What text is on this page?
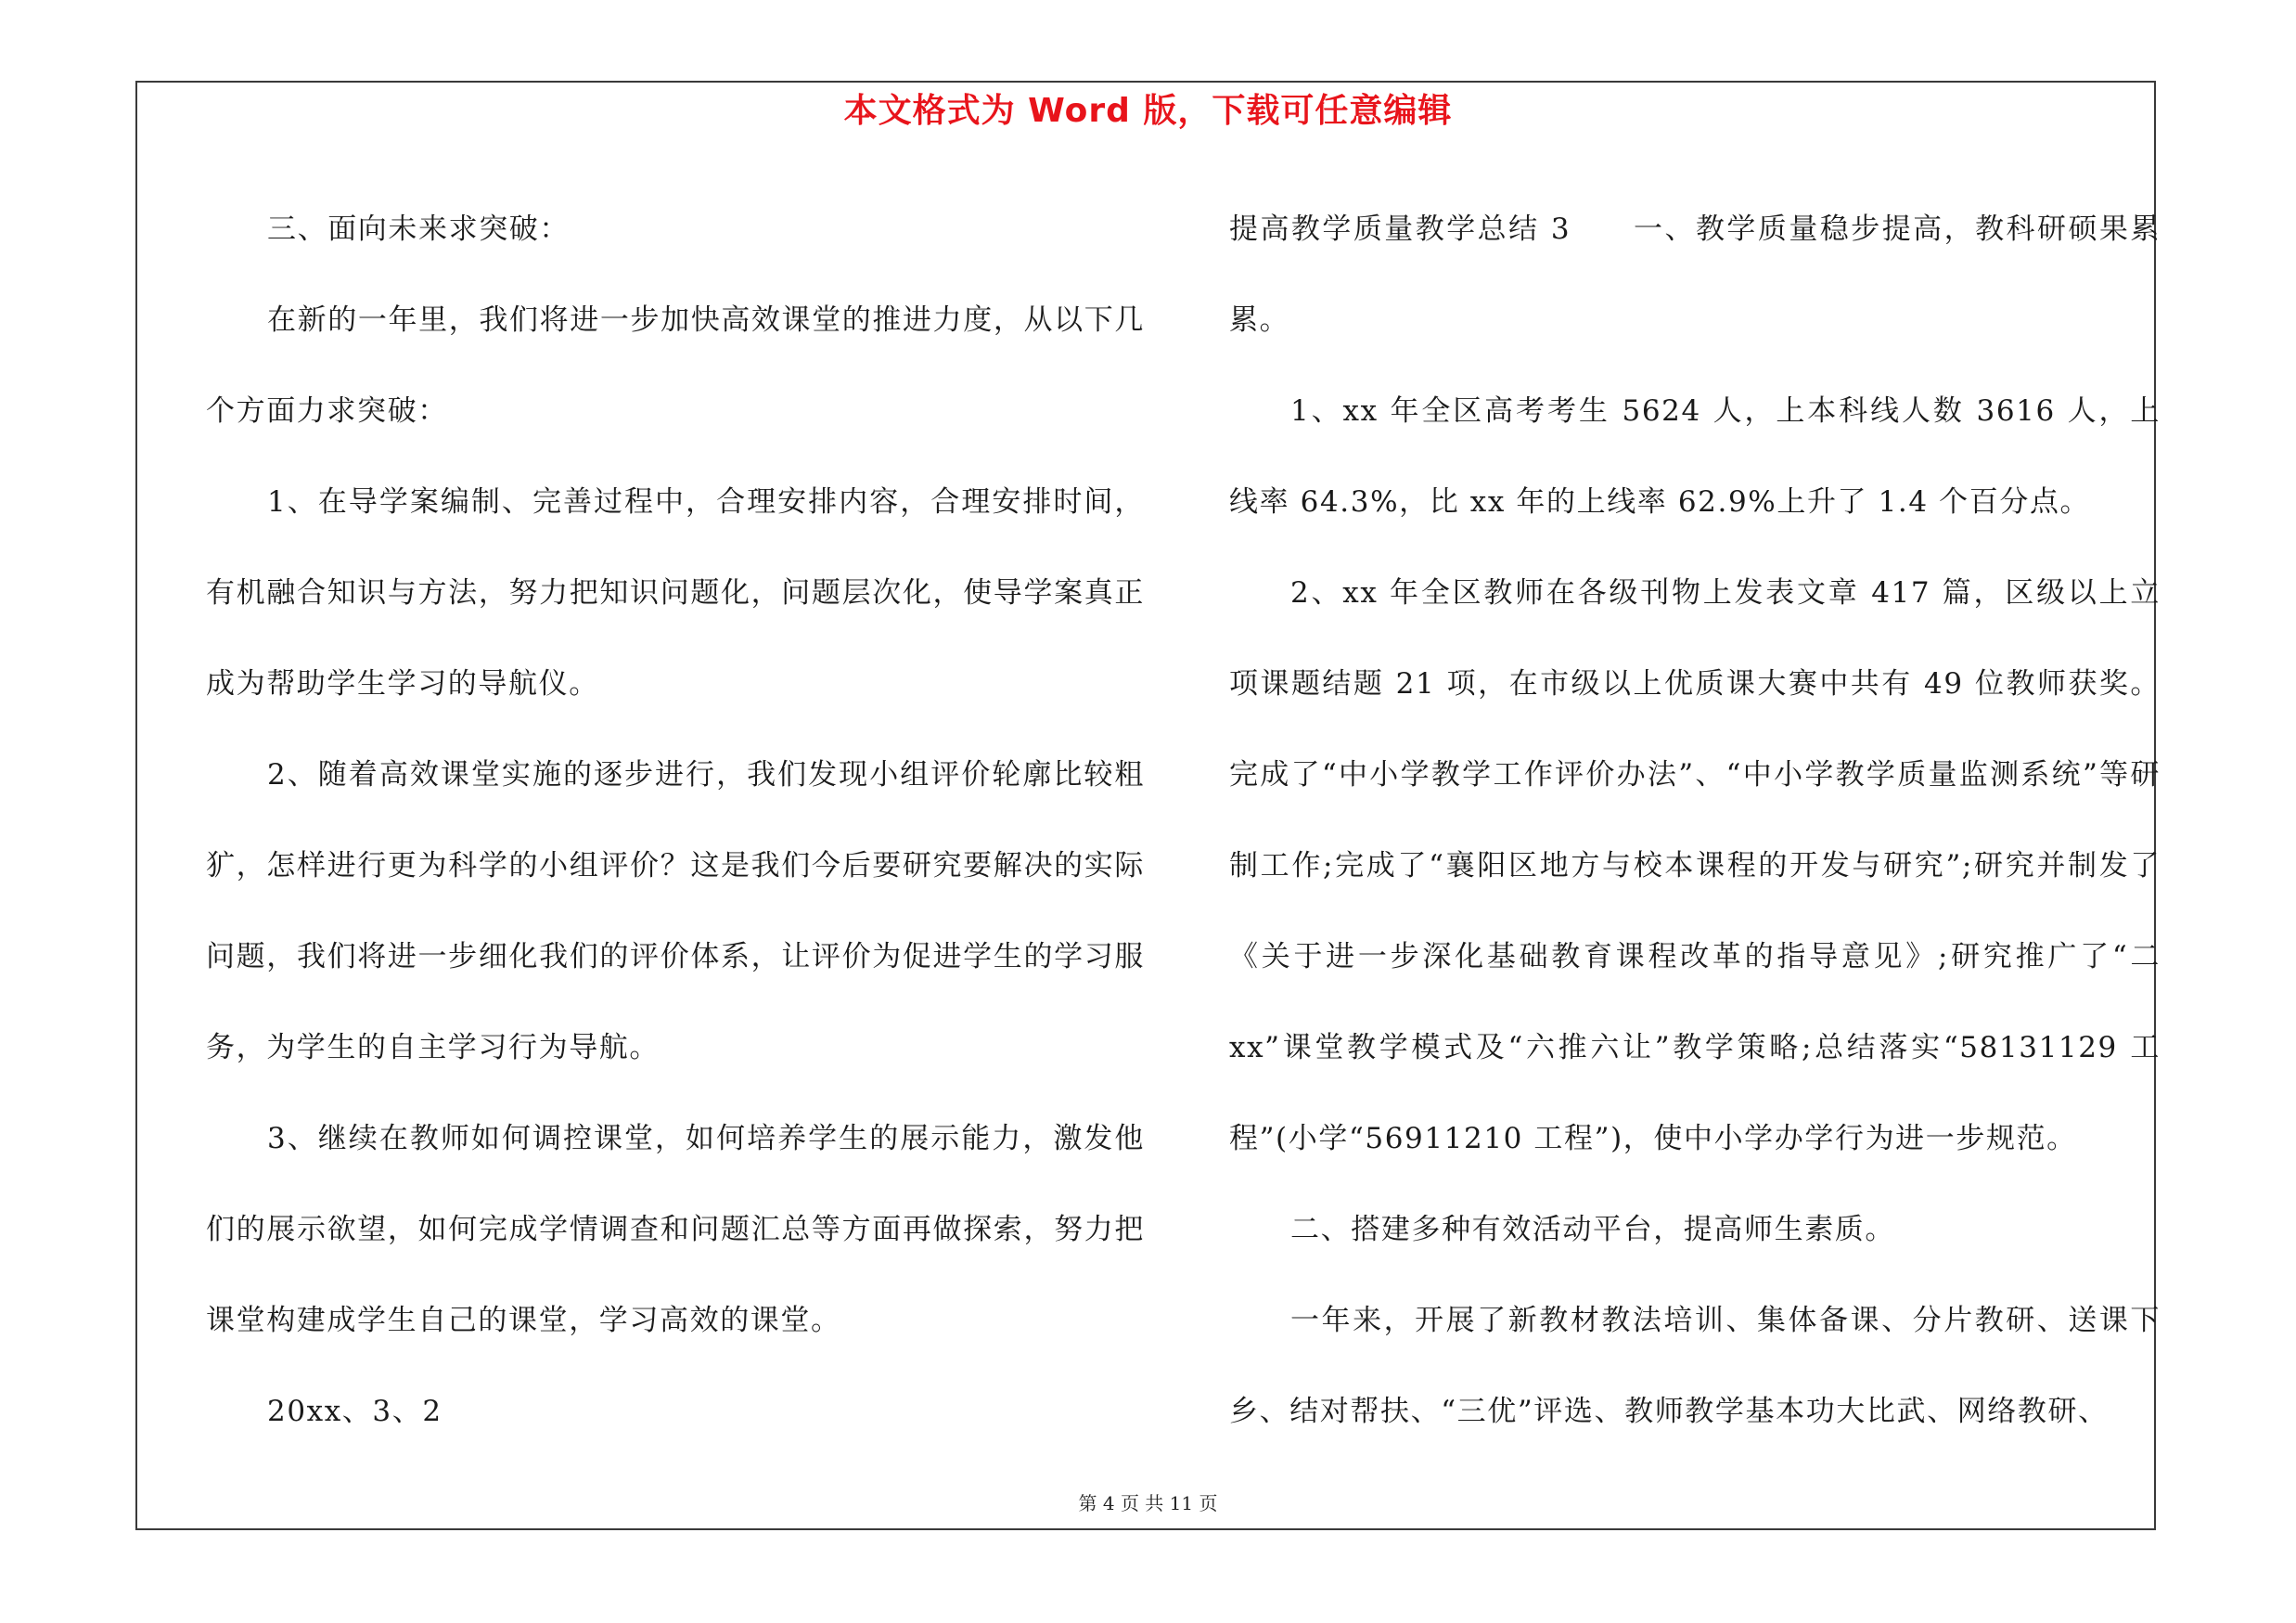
本文格式为 Word 版，下载可任意编辑

三、面向未来求突破：

在新的一年里，我们将进一步加快高效课堂的推进力度，从以下几个方面力求突破：

1、在导学案编制、完善过程中，合理安排内容，合理安排时间，有机融合知识与方法，努力把知识问题化，问题层次化，使导学案真正成为帮助学生学习的导航仪。

2、随着高效课堂实施的逐步进行，我们发现小组评价轮廓比较粗犷，怎样进行更为科学的小组评价？这是我们今后要研究要解决的实际问题，我们将进一步细化我们的评价体系，让评价为促进学生的学习服务，为学生的自主学习行为导航。

3、继续在教师如何调控课堂，如何培养学生的展示能力，激发他们的展示欲望，如何完成学情调查和问题汇总等方面再做探索，努力把课堂构建成学生自己的课堂，学习高效的课堂。

20xx、3、2

提高教学质量教学总结 3　　一、教学质量稳步提高，教科研硕果累累。

1、xx 年全区高考考生 5624 人，上本科线人数 3616 人，上线率 64.3%，比 xx 年的上线率 62.9%上升了 1.4 个百分点。

2、xx 年全区教师在各级刊物上发表文章 417 篇，区级以上立项课题结题 21 项，在市级以上优质课大赛中共有 49 位教师获奖。完成了“中小学教学工作评价办法”、“中小学教学质量监测系统”等研制工作;完成了“襄阳区地方与校本课程的开发与研究”;研究并制发了《关于进一步深化基础教育课程改革的指导意见》;研究推广了“二 xx”课堂教学模式及“六推六让”教学策略;总结落实“58131129 工程”(小学“56911210 工程”)，使中小学办学行为进一步规范。

二、搭建多种有效活动平台，提高师生素质。

一年来，开展了新教材教法培训、集体备课、分片教研、送课下乡、结对帮扶、“三优”评选、教师教学基本功大比武、网络教研、

第 4 页 共 11 页
